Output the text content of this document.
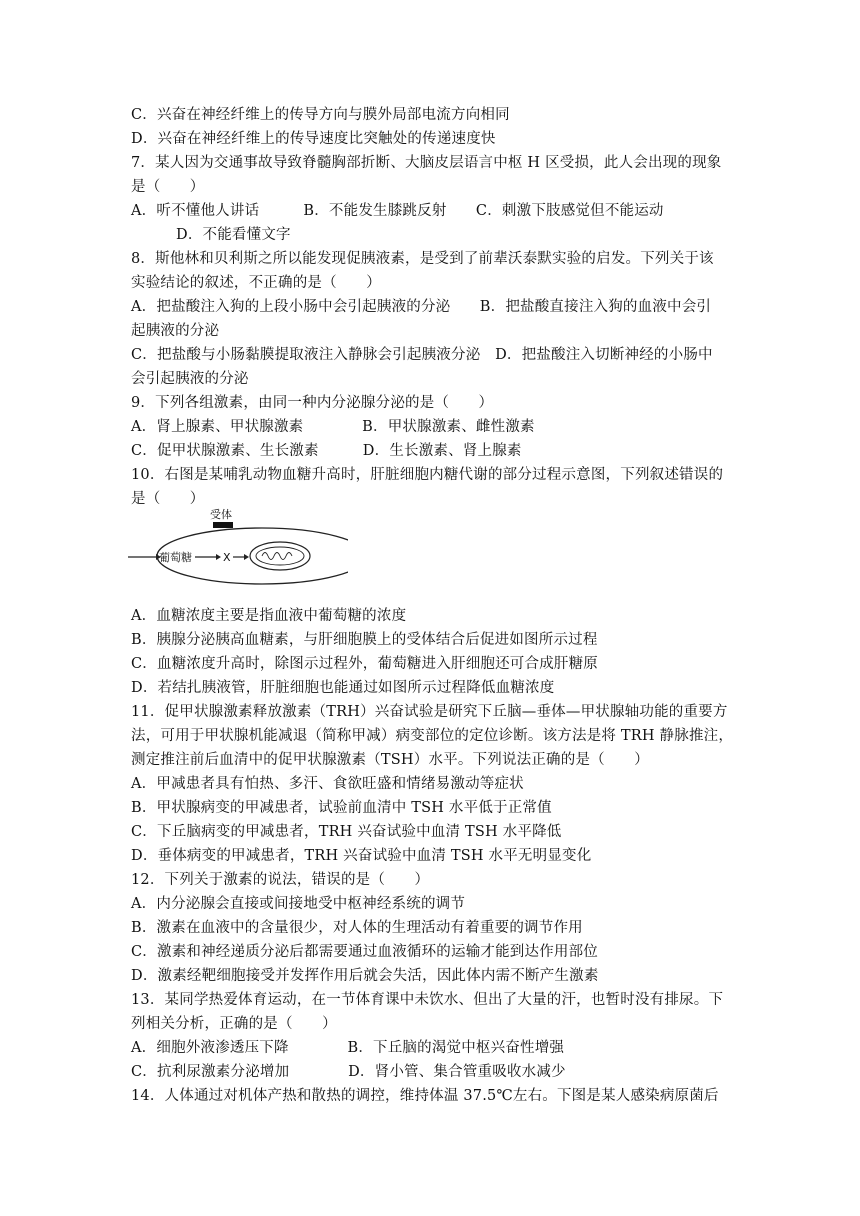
C．兴奋在神经纤维上的传导方向与膜外局部电流方向相同
D．兴奋在神经纤维上的传导速度比突触处的传递速度快
7．某人因为交通事故导致脊髓胸部折断、大脑皮层语言中枢 H 区受损，此人会出现的现象
是（　　）
A．听不懂他人讲话　　　B．不能发生膝跳反射　　C．刺激下肢感觉但不能运动
D．不能看懂文字
8．斯他林和贝利斯之所以能发现促胰液素，是受到了前辈沃泰默实验的启发。下列关于该
实验结论的叙述，不正确的是（　　）
A．把盐酸注入狗的上段小肠中会引起胰液的分泌　　B．把盐酸直接注入狗的血液中会引
起胰液的分泌
C．把盐酸与小肠黏膜提取液注入静脉会引起胰液分泌　D．把盐酸注入切断神经的小肠中
会引起胰液的分泌
9．下列各组激素，由同一种内分泌腺分泌的是（　　）
A．肾上腺素、甲状腺激素　　　　B．甲状腺激素、雌性激素
C．促甲状腺激素、生长激素　　　D．生长激素、肾上腺素
10．右图是某哺乳动物血糖升高时，肝脏细胞内糖代谢的部分过程示意图，下列叙述错误的
是（　　）
受体
葡萄糖	X
A．血糖浓度主要是指血液中葡萄糖的浓度
B．胰腺分泌胰高血糖素，与肝细胞膜上的受体结合后促进如图所示过程
C．血糖浓度升高时，除图示过程外，葡萄糖进入肝细胞还可合成肝糖原
D．若结扎胰液管，肝脏细胞也能通过如图所示过程降低血糖浓度
11．促甲状腺激素释放激素（TRH）兴奋试验是研究下丘脑—垂体—甲状腺轴功能的重要方
法，可用于甲状腺机能减退（简称甲减）病变部位的定位诊断。该方法是将 TRH 静脉推注，
测定推注前后血清中的促甲状腺激素（TSH）水平。下列说法正确的是（　　）
A．甲减患者具有怕热、多汗、食欲旺盛和情绪易激动等症状
B．甲状腺病变的甲减患者，试验前血清中 TSH 水平低于正常值
C．下丘脑病变的甲减患者，TRH 兴奋试验中血清 TSH 水平降低
D．垂体病变的甲减患者，TRH 兴奋试验中血清 TSH 水平无明显变化
12．下列关于激素的说法，错误的是（　　）
A．内分泌腺会直接或间接地受中枢神经系统的调节
B．激素在血液中的含量很少，对人体的生理活动有着重要的调节作用
C．激素和神经递质分泌后都需要通过血液循环的运输才能到达作用部位
D．激素经靶细胞接受并发挥作用后就会失活，因此体内需不断产生激素
13．某同学热爱体育运动，在一节体育课中未饮水、但出了大量的汗，也暂时没有排尿。下
列相关分析，正确的是（　　）
A．细胞外液渗透压下降　　　　B．下丘脑的渴觉中枢兴奋性增强
C．抗利尿激素分泌增加　　　　D．肾小管、集合管重吸收水减少
14．人体通过对机体产热和散热的调控，维持体温 37.5℃左右。下图是某人感染病原菌后
